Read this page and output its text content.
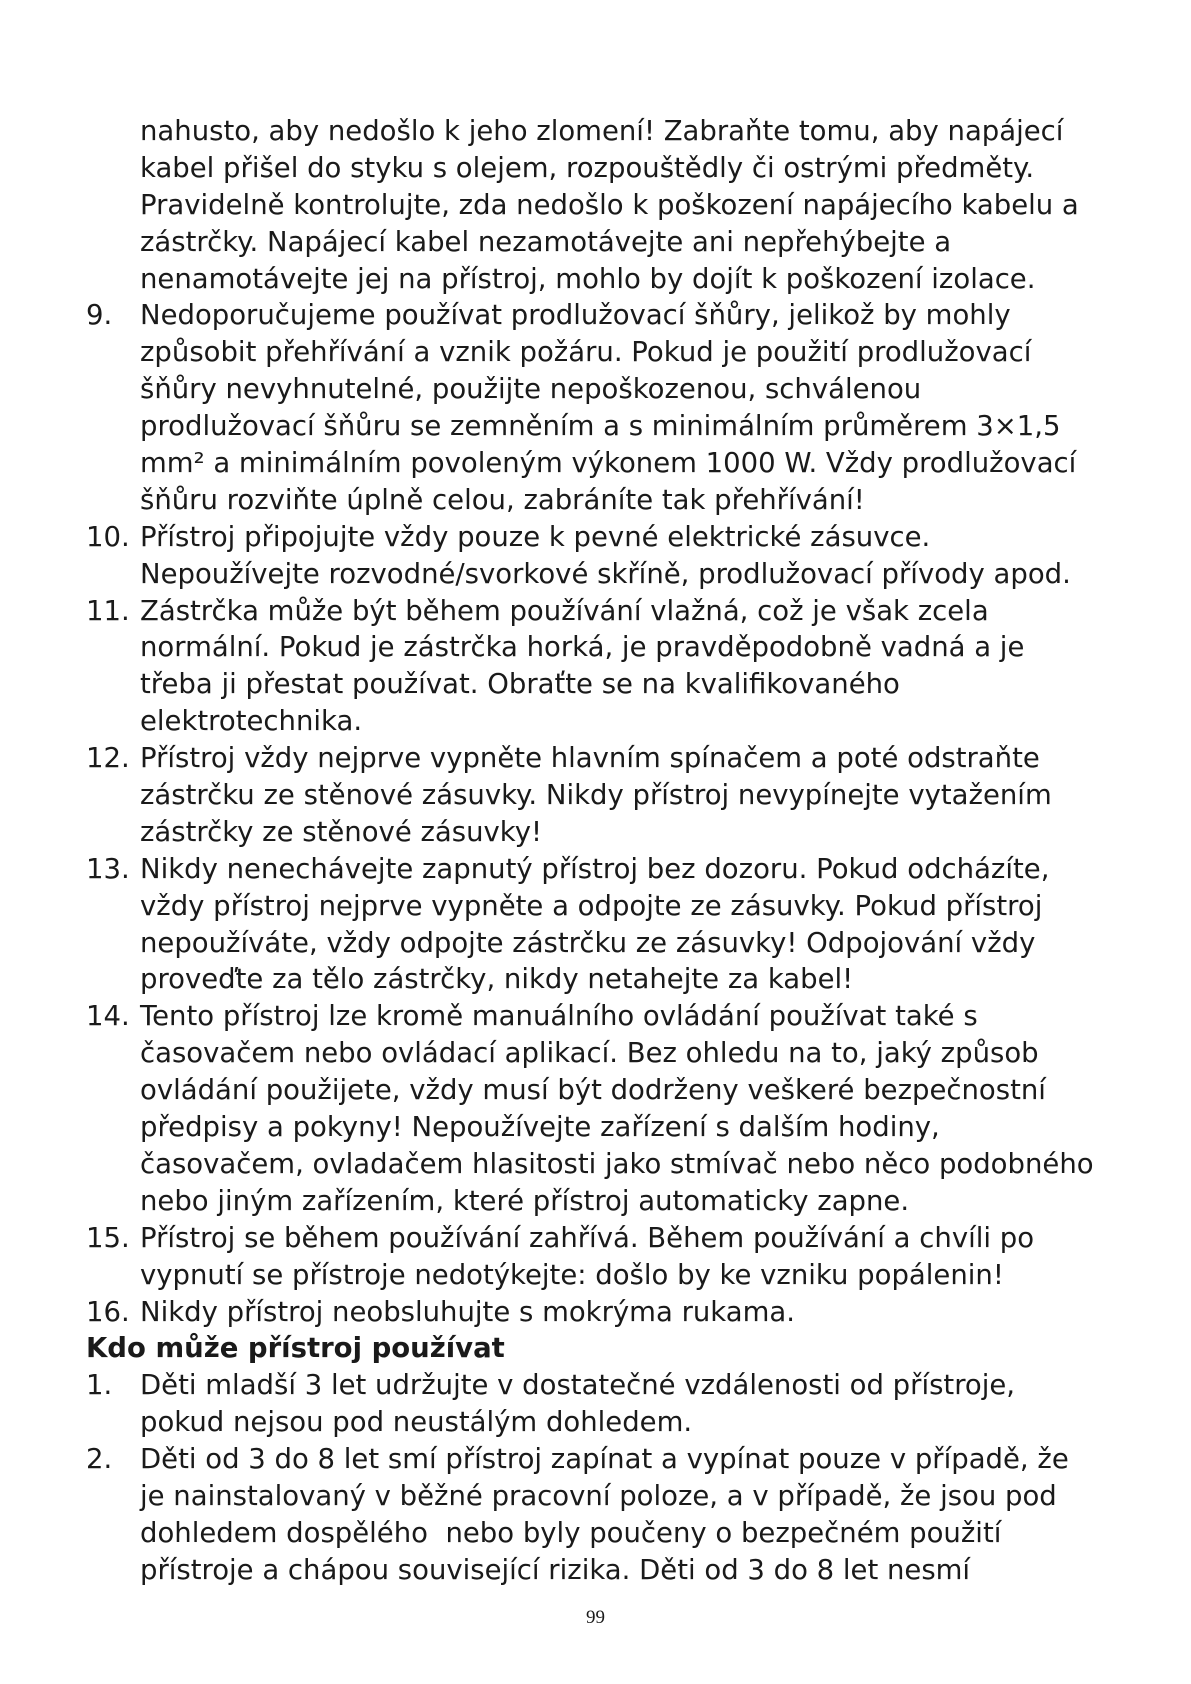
nahusto, aby nedošlo k jeho zlomení! Zabraňte tomu, aby napájecí
kabel přišel do styku s olejem, rozpouštědly či ostrými předměty.
Pravidelně kontrolujte, zda nedošlo k poškození napájecího kabelu a
zástrčky. Napájecí kabel nezamotávejte ani nepřehýbejte a
nenamotávejte jej na přístroj, mohlo by dojít k poškození izolace.
9.	Nedoporučujeme používat prodlužovací šňůry, jelikož by mohly
způsobit přehřívání a vznik požáru. Pokud je použití prodlužovací
šňůry nevyhnutelné, použijte nepoškozenou, schválenou
prodlužovací šňůru se zemněním a s minimálním průměrem 3×1,5
mm² a minimálním povoleným výkonem 1000 W. Vždy prodlužovací
šňůru rozviňte úplně celou, zabráníte tak přehřívání!
10. Přístroj připojujte vždy pouze k pevné elektrické zásuvce.
Nepoužívejte rozvodné/svorkové skříně, prodlužovací přívody apod.
11. Zástrčka může být během používání vlažná, což je však zcela
normální. Pokud je zástrčka horká, je pravděpodobně vadná a je
třeba ji přestat používat. Obraťte se na kvalifikovaného
elektrotechnika.
12. Přístroj vždy nejprve vypněte hlavním spínačem a poté odstraňte
zástrčku ze stěnové zásuvky. Nikdy přístroj nevypínejte vytažením
zástrčky ze stěnové zásuvky!
13. Nikdy nenechávejte zapnutý přístroj bez dozoru. Pokud odcházíte,
vždy přístroj nejprve vypněte a odpojte ze zásuvky. Pokud přístroj
nepoužíváte, vždy odpojte zástrčku ze zásuvky! Odpojování vždy
proveďte za tělo zástrčky, nikdy netahejte za kabel!
14. Tento přístroj lze kromě manuálního ovládání používat také s
časovačem nebo ovládací aplikací. Bez ohledu na to, jaký způsob
ovládání použijete, vždy musí být dodrženy veškeré bezpečnostní
předpisy a pokyny! Nepoužívejte zařízení s dalším hodiny,
časovačem, ovladačem hlasitosti jako stmívač nebo něco podobného
nebo jiným zařízením, které přístroj automaticky zapne.
15. Přístroj se během používání zahřívá. Během používání a chvíli po
vypnutí se přístroje nedotýkejte: došlo by ke vzniku popálenin!
16. Nikdy přístroj neobsluhujte s mokrýma rukama.
Kdo může přístroj používat
1.	Děti mladší 3 let udržujte v dostatečné vzdálenosti od přístroje,
pokud nejsou pod neustálým dohledem.
2.	Děti od 3 do 8 let smí přístroj zapínat a vypínat pouze v případě, že
je nainstalovaný v běžné pracovní poloze, a v případě, že jsou pod
dohledem dospělého  nebo byly poučeny o bezpečném použití
přístroje a chápou související rizika. Děti od 3 do 8 let nesmí
99
